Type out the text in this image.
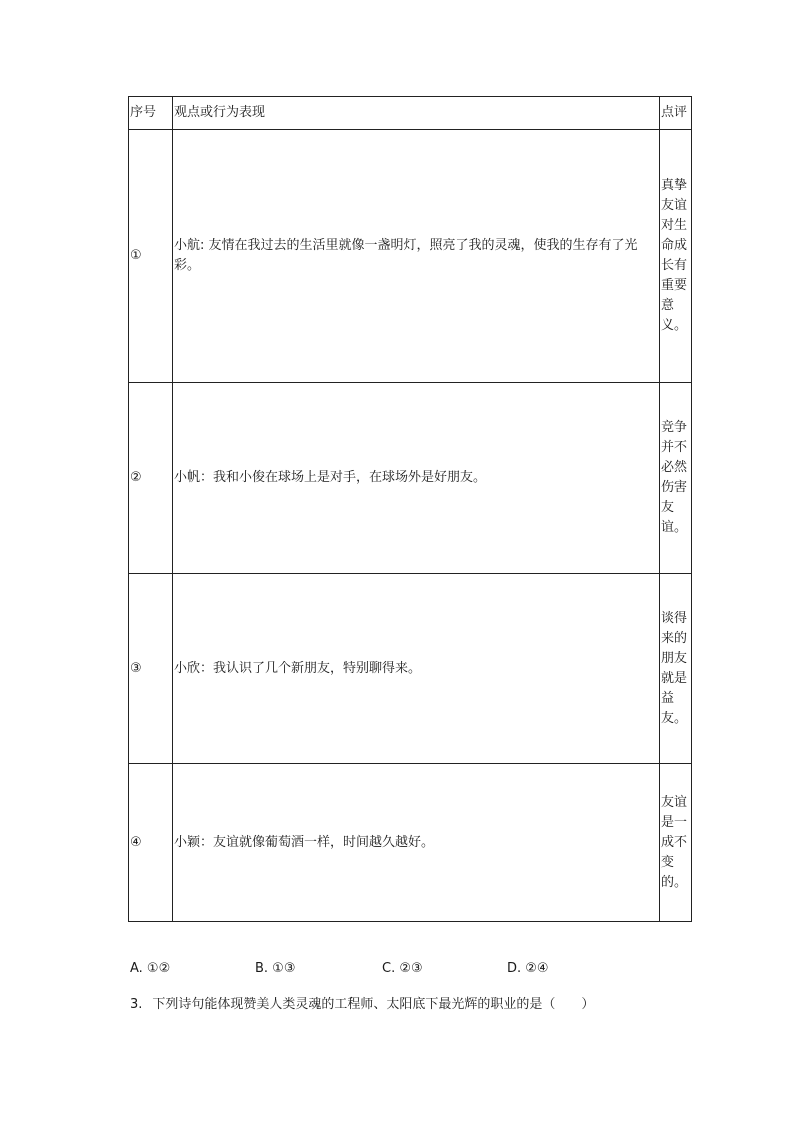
序号	观点或行为表现	点评
①	小航: 友情在我过去的生活里就像一盏明灯，照亮了我的灵魂，使我的生存有了光彩。	真挚友谊对生命成长有重要意义。
②	小帆：我和小俊在球场上是对手，在球场外是好朋友。	竞争并不必然伤害友谊。
③	小欣：我认识了几个新朋友，特别聊得来。	谈得来的朋友就是益友。
④	小颖：友谊就像葡萄酒一样，时间越久越好。	友谊是一成不变的。
A. ①②	B. ①③	C. ②③	D. ②④
3. 下列诗句能体现赞美人类灵魂的工程师、太阳底下最光辉的职业的是（　　）
